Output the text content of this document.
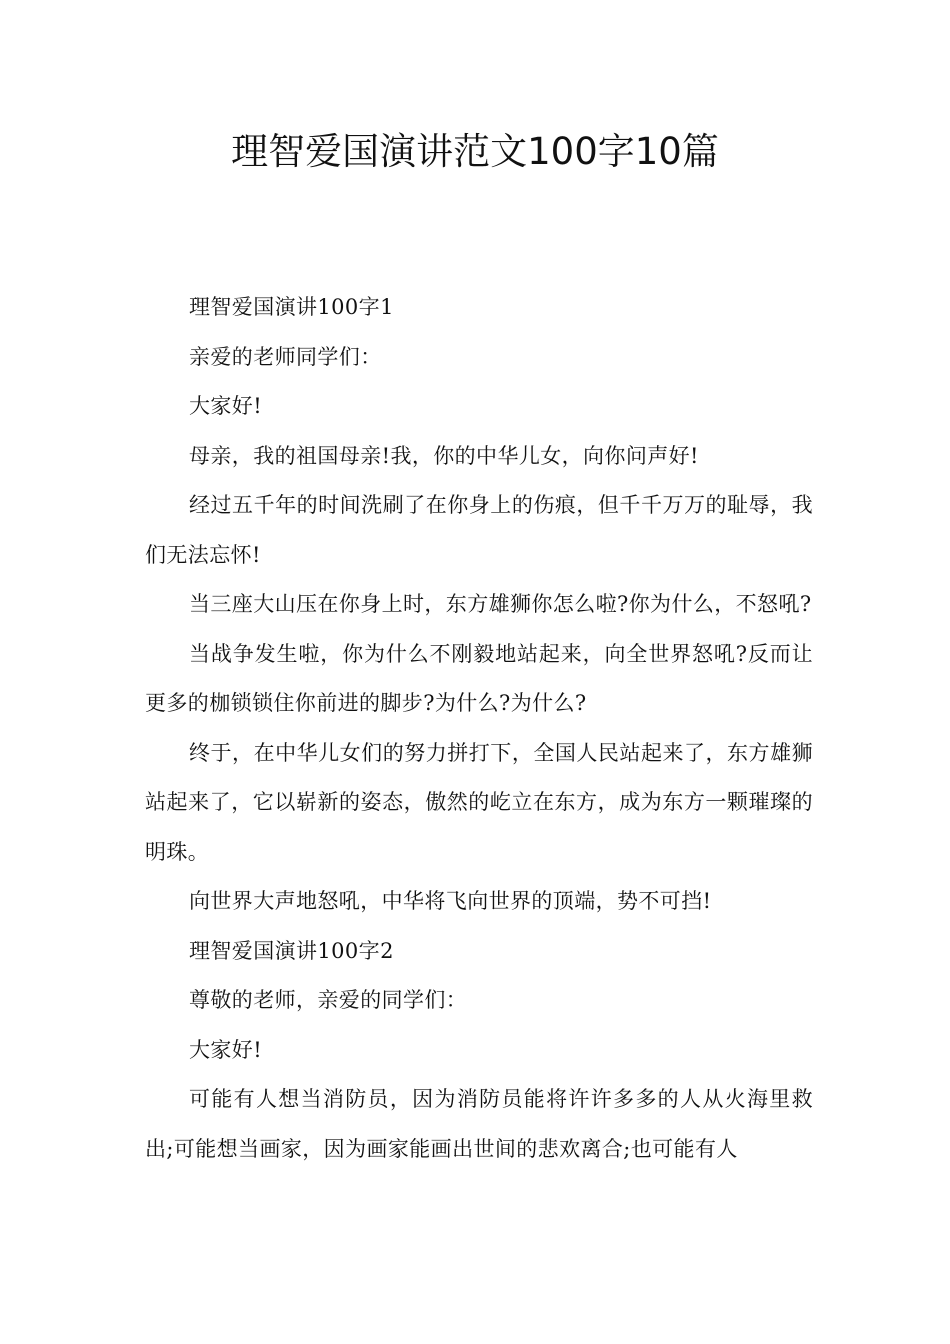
理智爱国演讲范文100字10篇

理智爱国演讲100字1

亲爱的老师同学们：

大家好!

母亲，我的祖国母亲!我，你的中华儿女，向你问声好!

经过五千年的时间洗刷了在你身上的伤痕，但千千万万的耻辱，我们无法忘怀!

当三座大山压在你身上时，东方雄狮你怎么啦?你为什么，不怒吼?

当战争发生啦，你为什么不刚毅地站起来，向全世界怒吼?反而让更多的枷锁锁住你前进的脚步?为什么?为什么?

终于，在中华儿女们的努力拼打下，全国人民站起来了，东方雄狮站起来了，它以崭新的姿态，傲然的屹立在东方，成为东方一颗璀璨的明珠。

向世界大声地怒吼，中华将飞向世界的顶端，势不可挡!

理智爱国演讲100字2

尊敬的老师，亲爱的同学们：

大家好!

可能有人想当消防员，因为消防员能将许许多多的人从火海里救出;可能想当画家，因为画家能画出世间的悲欢离合;也可能有人
